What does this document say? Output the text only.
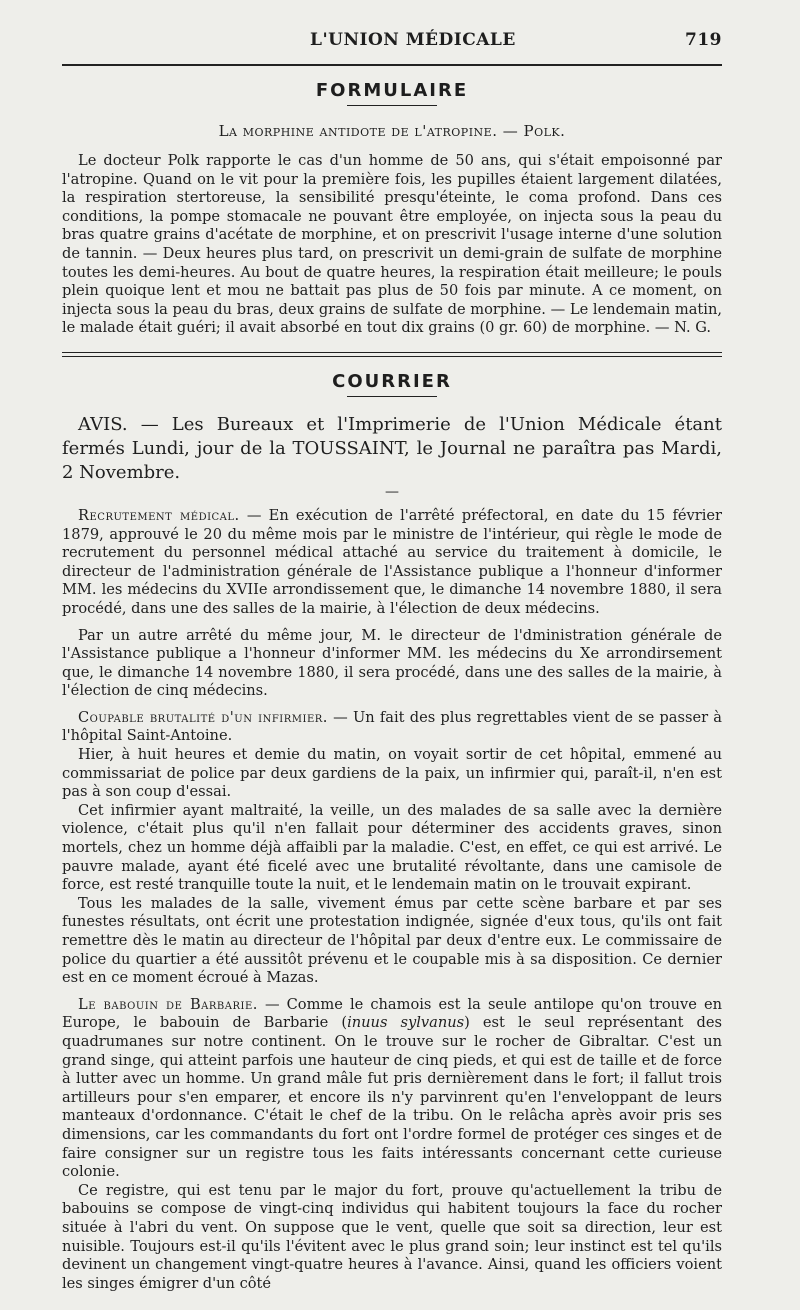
L'UNION MÉDICALE	719
FORMULAIRE
La morphine antidote de l'atropine. — Polk.

Le docteur Polk rapporte le cas d'un homme de 50 ans, qui s'était empoisonné par l'atropine. Quand on le vit pour la première fois, les pupilles étaient largement dilatées, la respiration stertoreuse, la sensibilité presqu'éteinte, le coma profond. Dans ces conditions, la pompe stomacale ne pouvant être employée, on injecta sous la peau du bras quatre grains d'acétate de morphine, et on prescrivit l'usage interne d'une solution de tannin. — Deux heures plus tard, on prescrivit un demi-grain de sulfate de morphine toutes les demi-heures. Au bout de quatre heures, la respiration était meilleure; le pouls plein quoique lent et mou ne battait pas plus de 50 fois par minute. A ce moment, on injecta sous la peau du bras, deux grains de sulfate de morphine. — Le lendemain matin, le malade était guéri; il avait absorbé en tout dix grains (0 gr. 60) de morphine. — N. G.

COURRIER
AVIS. — Les Bureaux et l'Imprimerie de l'Union Médicale étant fermés Lundi, jour de la TOUSSAINT, le Journal ne paraîtra pas Mardi, 2 Novembre.
—

Recrutement médical. — En exécution de l'arrêté préfectoral, en date du 15 février 1879, approuvé le 20 du même mois par le ministre de l'intérieur, qui règle le mode de recrutement du personnel médical attaché au service du traitement à domicile, le directeur de l'administration générale de l'Assistance publique a l'honneur d'informer MM. les médecins du XVIIe arrondissement que, le dimanche 14 novembre 1880, il sera procédé, dans une des salles de la mairie, à l'élection de deux médecins.

Par un autre arrêté du même jour, M. le directeur de l'dministration générale de l'Assistance publique a l'honneur d'informer MM. les médecins du Xe arrondirsement que, le dimanche 14 novembre 1880, il sera procédé, dans une des salles de la mairie, à l'élection de cinq médecins.

Coupable brutalité d'un infirmier. — Un fait des plus regrettables vient de se passer à l'hôpital Saint-Antoine.

Hier, à huit heures et demie du matin, on voyait sortir de cet hôpital, emmené au commissariat de police par deux gardiens de la paix, un infirmier qui, paraît-il, n'en est pas à son coup d'essai.

Cet infirmier ayant maltraité, la veille, un des malades de sa salle avec la dernière violence, c'était plus qu'il n'en fallait pour déterminer des accidents graves, sinon mortels, chez un homme déjà affaibli par la maladie. C'est, en effet, ce qui est arrivé. Le pauvre malade, ayant été ficelé avec une brutalité révoltante, dans une camisole de force, est resté tranquille toute la nuit, et le lendemain matin on le trouvait expirant.

Tous les malades de la salle, vivement émus par cette scène barbare et par ses funestes résultats, ont écrit une protestation indignée, signée d'eux tous, qu'ils ont fait remettre dès le matin au directeur de l'hôpital par deux d'entre eux. Le commissaire de police du quartier a été aussitôt prévenu et le coupable mis à sa disposition. Ce dernier est en ce moment écroué à Mazas.

Le babouin de Barbarie. — Comme le chamois est la seule antilope qu'on trouve en Europe, le babouin de Barbarie (inuus sylvanus) est le seul représentant des quadrumanes sur notre continent. On le trouve sur le rocher de Gibraltar. C'est un grand singe, qui atteint parfois une hauteur de cinq pieds, et qui est de taille et de force à lutter avec un homme. Un grand mâle fut pris dernièrement dans le fort; il fallut trois artilleurs pour s'en emparer, et encore ils n'y parvinrent qu'en l'enveloppant de leurs manteaux d'ordonnance. C'était le chef de la tribu. On le relâcha après avoir pris ses dimensions, car les commandants du fort ont l'ordre formel de protéger ces singes et de faire consigner sur un registre tous les faits intéressants concernant cette curieuse colonie.

Ce registre, qui est tenu par le major du fort, prouve qu'actuellement la tribu de babouins se compose de vingt-cinq individus qui habitent toujours la face du rocher située à l'abri du vent. On suppose que le vent, quelle que soit sa direction, leur est nuisible. Toujours est-il qu'ils l'évitent avec le plus grand soin; leur instinct est tel qu'ils devinent un changement vingt-quatre heures à l'avance. Ainsi, quand les officiers voient les singes émigrer d'un côté
